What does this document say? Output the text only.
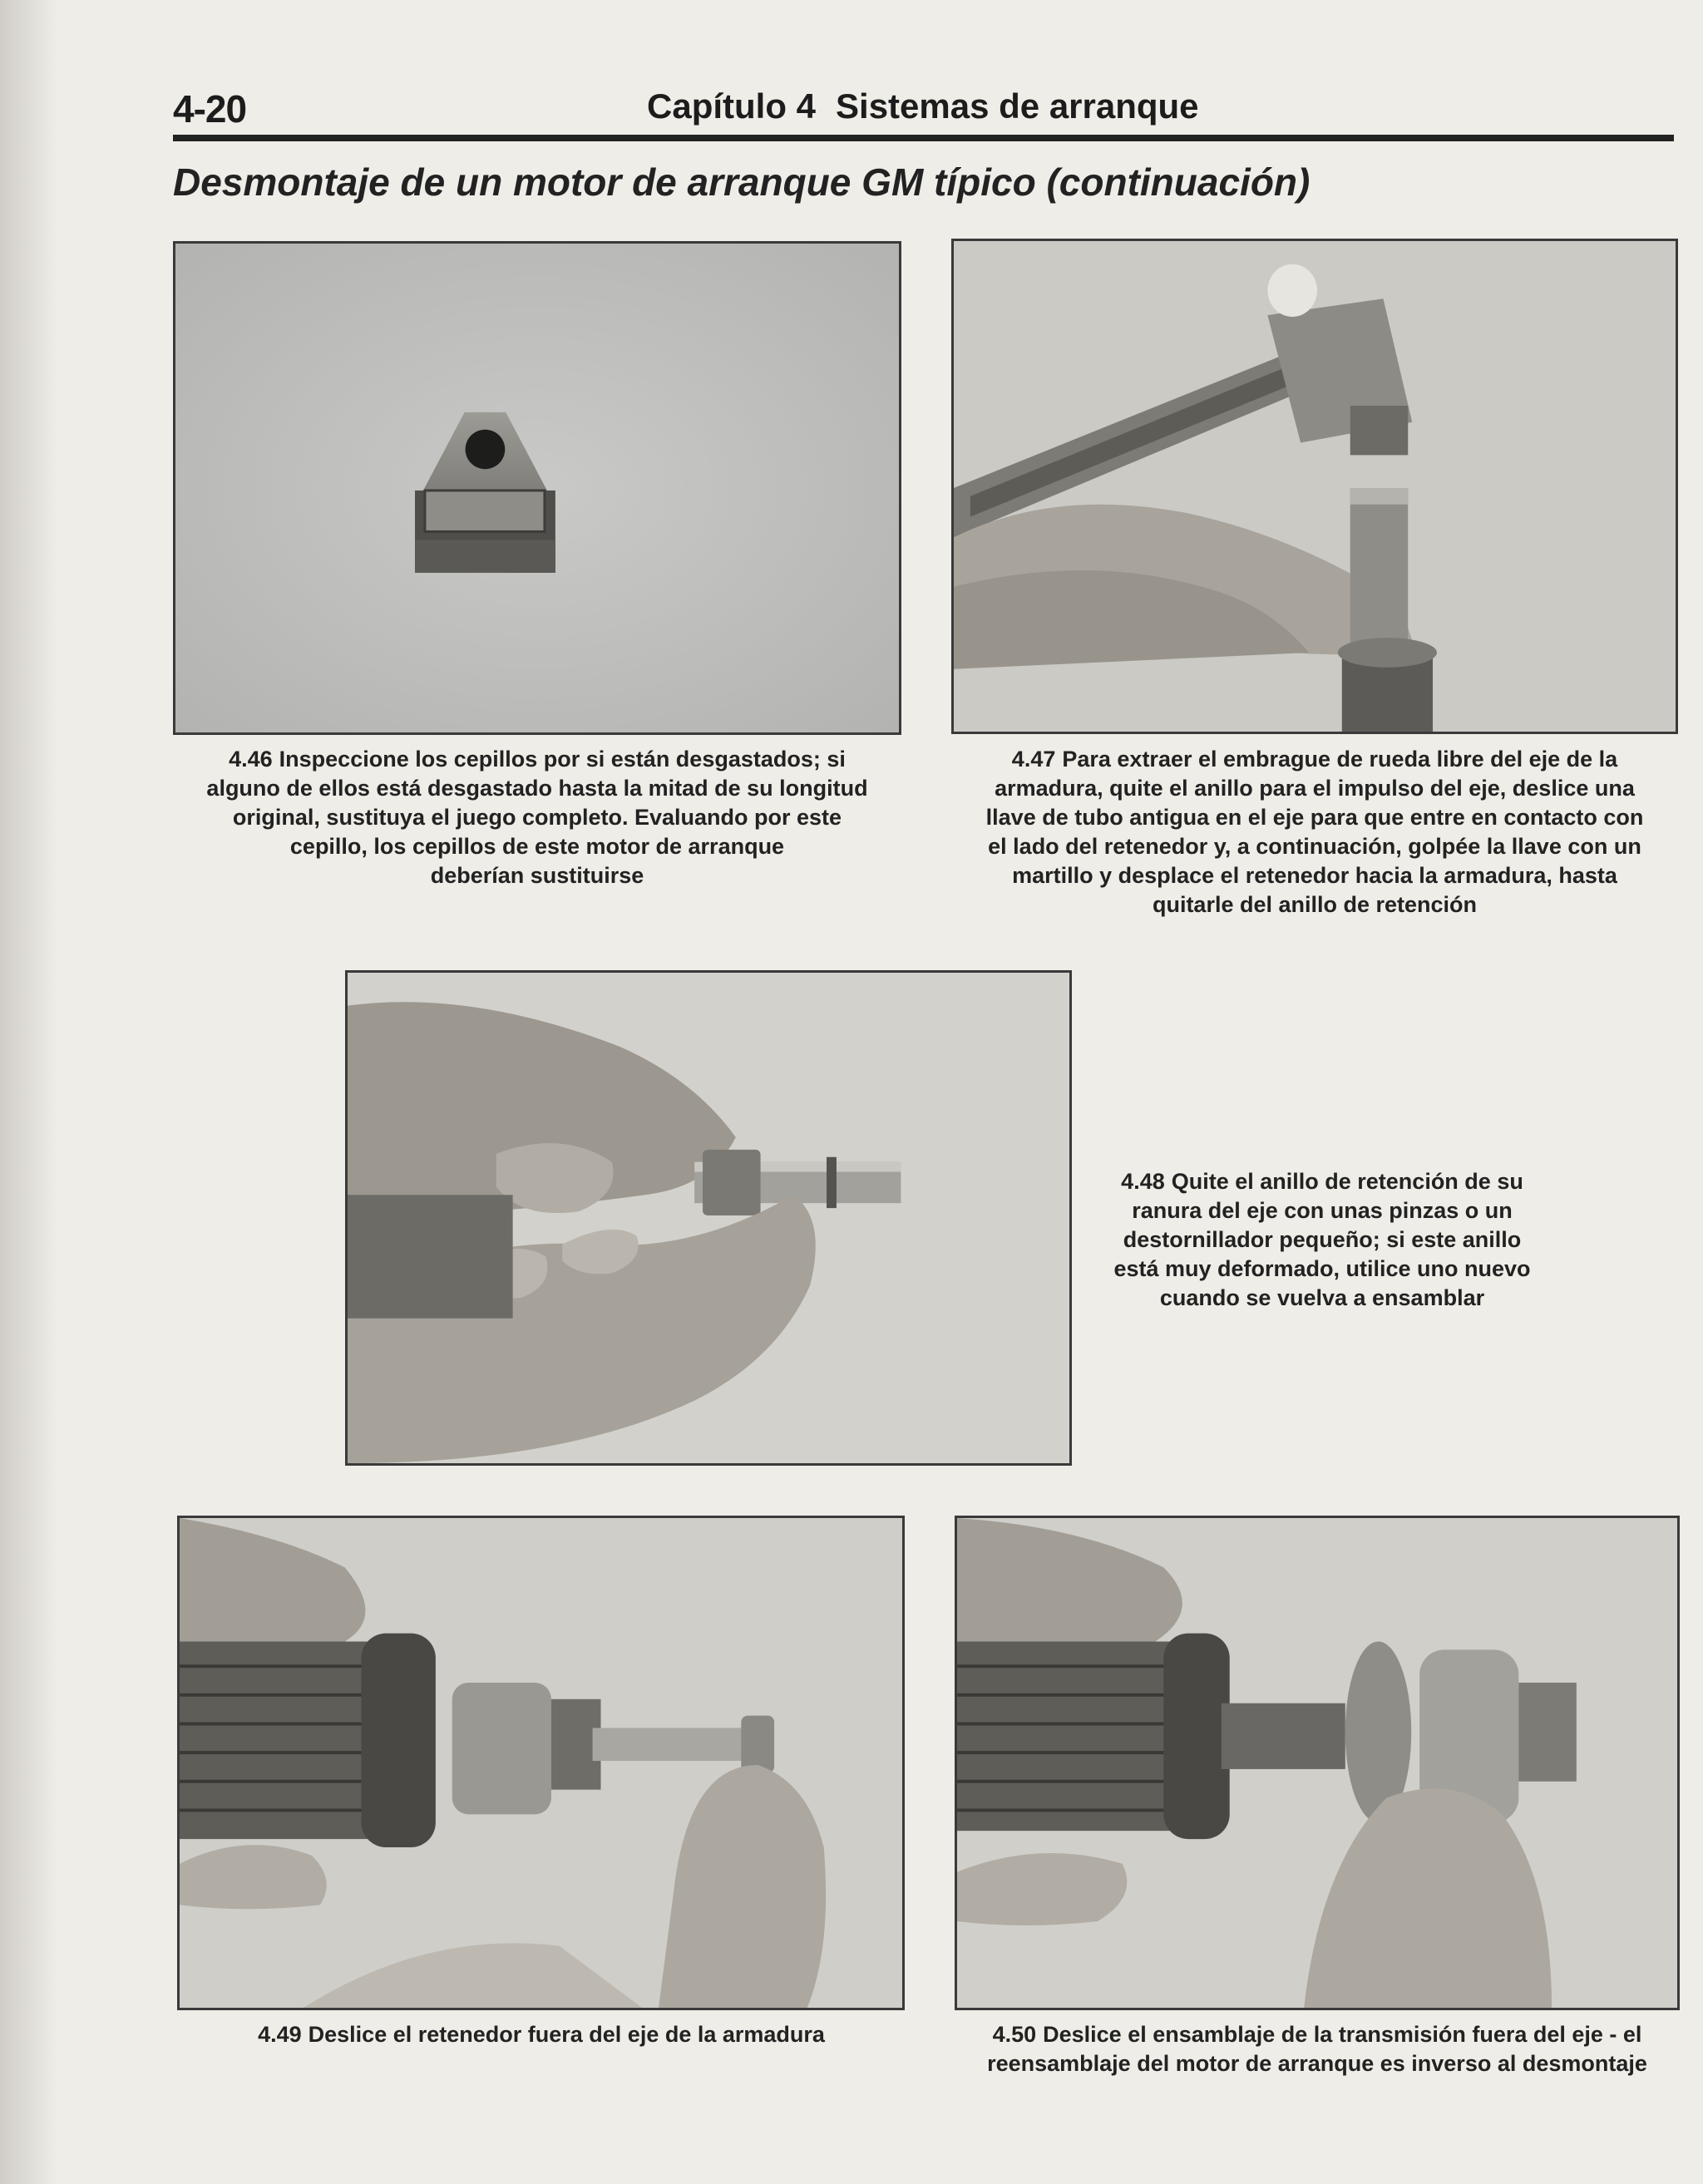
4-20	Capítulo 4 Sistemas de arranque
Desmontaje de un motor de arranque GM típico (continuación)
4.46 Inspeccione los cepillos por si están desgastados; si
alguno de ellos está desgastado hasta la mitad de su longitud
original, sustituya el juego completo. Evaluando por este
cepillo, los cepillos de este motor de arranque
deberían sustituirse
4.47 Para extraer el embrague de rueda libre del eje de la
armadura, quite el anillo para el impulso del eje, deslice una
llave de tubo antigua en el eje para que entre en contacto con
el lado del retenedor y, a continuación, golpée la llave con un
martillo y desplace el retenedor hacia la armadura, hasta
quitarle del anillo de retención
4.48 Quite el anillo de retención de su
ranura del eje con unas pinzas o un
destornillador pequeño; si este anillo
está muy deformado, utilice uno nuevo
cuando se vuelva a ensamblar
4.49 Deslice el retenedor fuera del eje de la armadura	4.50 Deslice el ensamblaje de la transmisión fuera del eje - el
reensamblaje del motor de arranque es inverso al desmontaje
